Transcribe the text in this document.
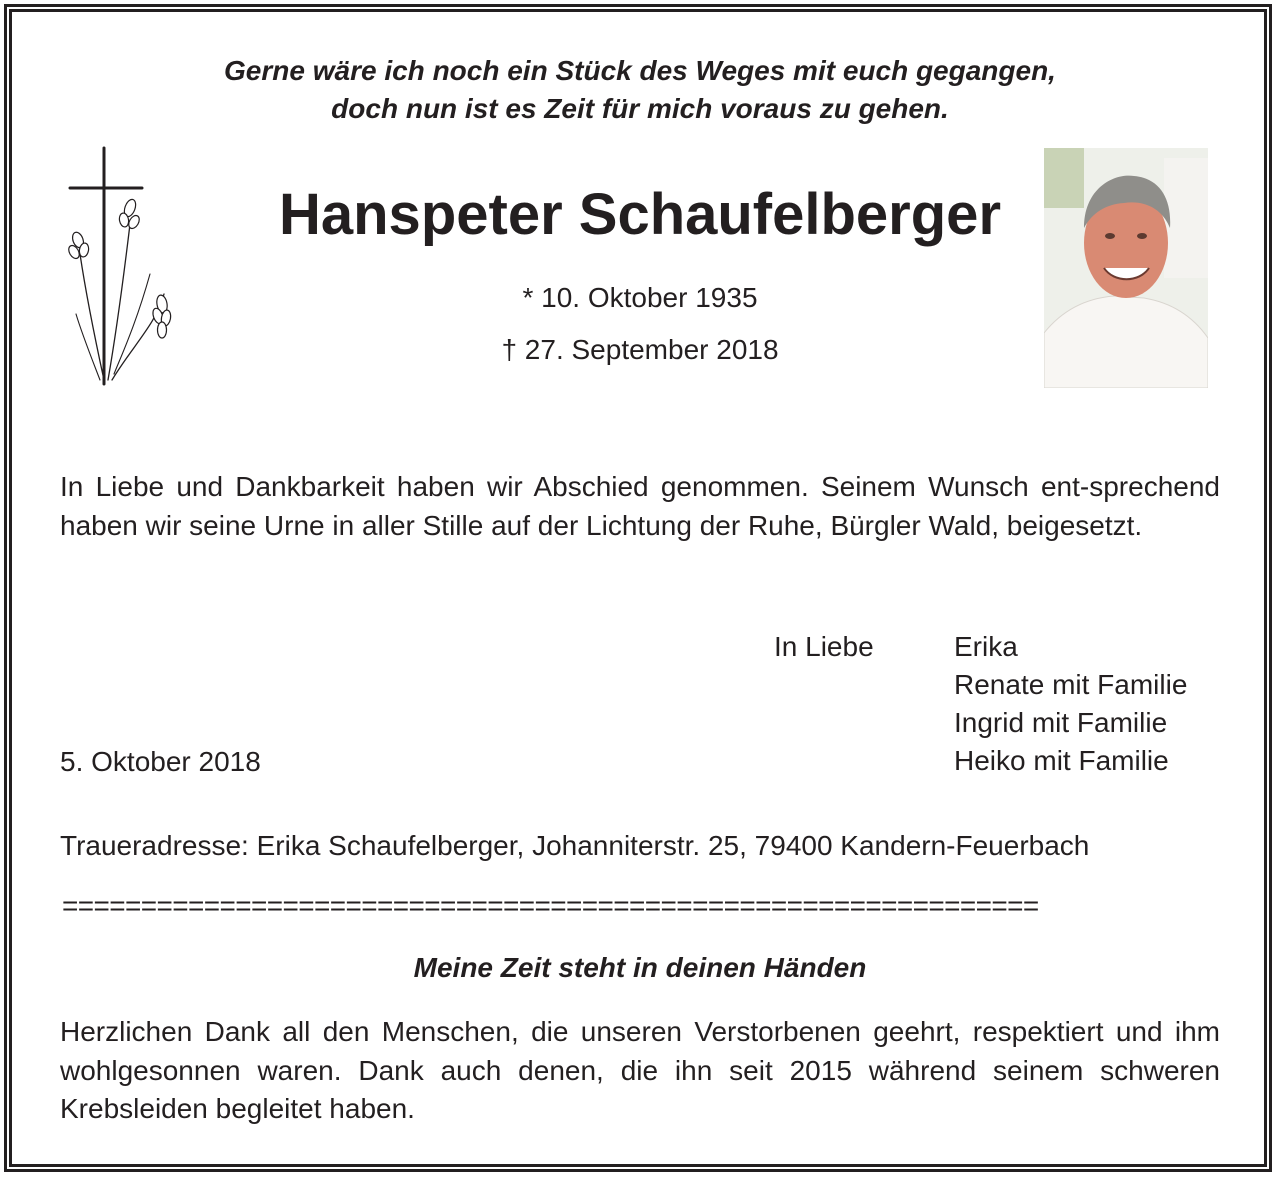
Gerne wäre ich noch ein Stück des Weges mit euch gegangen,
doch nun ist es Zeit für mich voraus zu gehen.
Hanspeter Schaufelberger
* 10. Oktober 1935
† 27. September 2018
In Liebe und Dankbarkeit haben wir Abschied genommen. Seinem Wunsch ent-sprechend haben wir seine Urne in aller Stille auf der Lichtung der Ruhe, Bürgler Wald, beigesetzt.
In Liebe	Erika
Renate mit Familie
Ingrid mit Familie
Heiko mit Familie
5. Oktober 2018
Traueradresse: Erika Schaufelberger, Johanniterstr. 25, 79400 Kandern-Feuerbach
==============================================================
Meine Zeit steht in deinen Händen
Herzlichen Dank all den Menschen, die unseren Verstorbenen geehrt, respektiert und ihm wohlgesonnen waren. Dank auch denen, die ihn seit 2015 während seinem schweren Krebsleiden begleitet haben.
